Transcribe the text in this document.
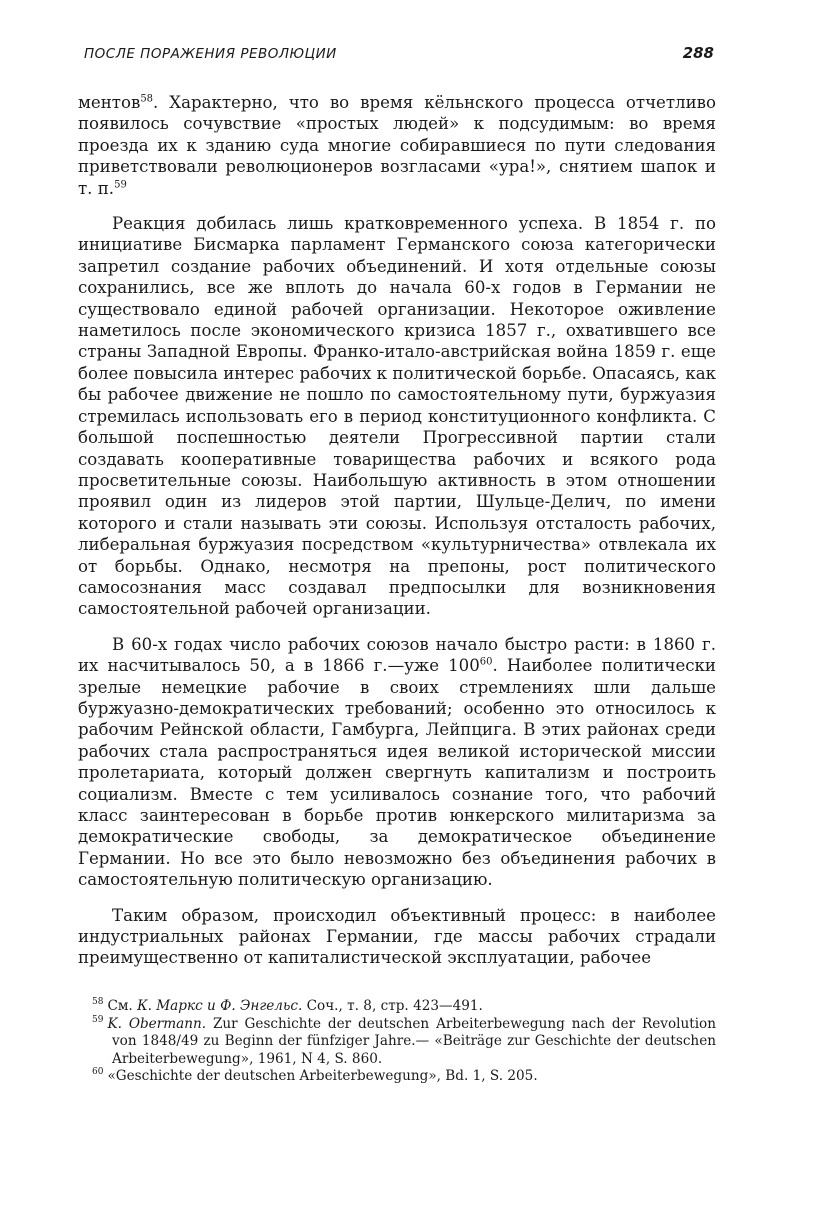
ПОСЛЕ ПОРАЖЕНИЯ РЕВОЛЮЦИИ	288

ментов$^{58}$. Характерно, что во время кёльнского процесса отчетливо появилось сочувствие «простых людей» к подсудимым: во время проезда их к зданию суда многие собиравшиеся по пути следования приветствовали революционеров возгласами «ура!», снятием шапок и т. п.$^{59}$

Реакция добилась лишь кратковременного успеха. В 1854 г. по инициативе Бисмарка парламент Германского союза категорически запретил создание рабочих объединений. И хотя отдельные союзы сохранились, все же вплоть до начала 60-х годов в Германии не существовало единой рабочей организации. Некоторое оживление наметилось после экономического кризиса 1857 г., охватившего все страны Западной Европы. Франко-итало-австрийская война 1859 г. еще более повысила интерес рабочих к политической борьбе. Опасаясь, как бы рабочее движение не пошло по самостоятельному пути, буржуазия стремилась использовать его в период конституционного конфликта. С большой поспешностью деятели Прогрессивной партии стали создавать кооперативные товарищества рабочих и всякого рода просветительные союзы. Наибольшую активность в этом отношении проявил один из лидеров этой партии, Шульце-Делич, по имени которого и стали называть эти союзы. Используя отсталость рабочих, либеральная буржуазия посредством «культурничества» отвлекала их от борьбы. Однако, несмотря на препоны, рост политического самосознания масс создавал предпосылки для возникновения самостоятельной рабочей организации.

В 60-х годах число рабочих союзов начало быстро расти: в 1860 г. их насчитывалось 50, а в 1866 г.—уже $100^{60}$. Наиболее политически зрелые немецкие рабочие в своих стремлениях шли дальше буржуазно-демократических требований; особенно это относилось к рабочим Рейнской области, Гамбурга, Лейпцига. В этих районах среди рабочих стала распространяться идея великой исторической миссии пролетариата, который должен свергнуть капитализм и построить социализм. Вместе с тем усиливалось сознание того, что рабочий класс заинтересован в борьбе против юнкерского милитаризма за демократические свободы, за демократическое объединение Германии. Но все это было невозможно без объединения рабочих в самостоятельную политическую организацию.

Таким образом, происходил объективный процесс: в наиболее индустриальных районах Германии, где массы рабочих страдали преимущественно от капиталистической эксплуатации, рабочее

$^{58}$ См. К. Маркс и Ф. Энгельс. Соч., т. 8, стр. 423—491.

$^{59}$ K. Obermann. Zur Geschichte der deutschen Arbeiterbewegung nach der Revolution von 1848/49 zu Beginn der fünfziger Jahre.— «Beiträge zur Geschichte der deutschen Arbeiterbewegung», 1961, N 4, S. 860.

$^{60}$ «Geschichte der deutschen Arbeiterbewegung», Bd. 1, S. 205.
